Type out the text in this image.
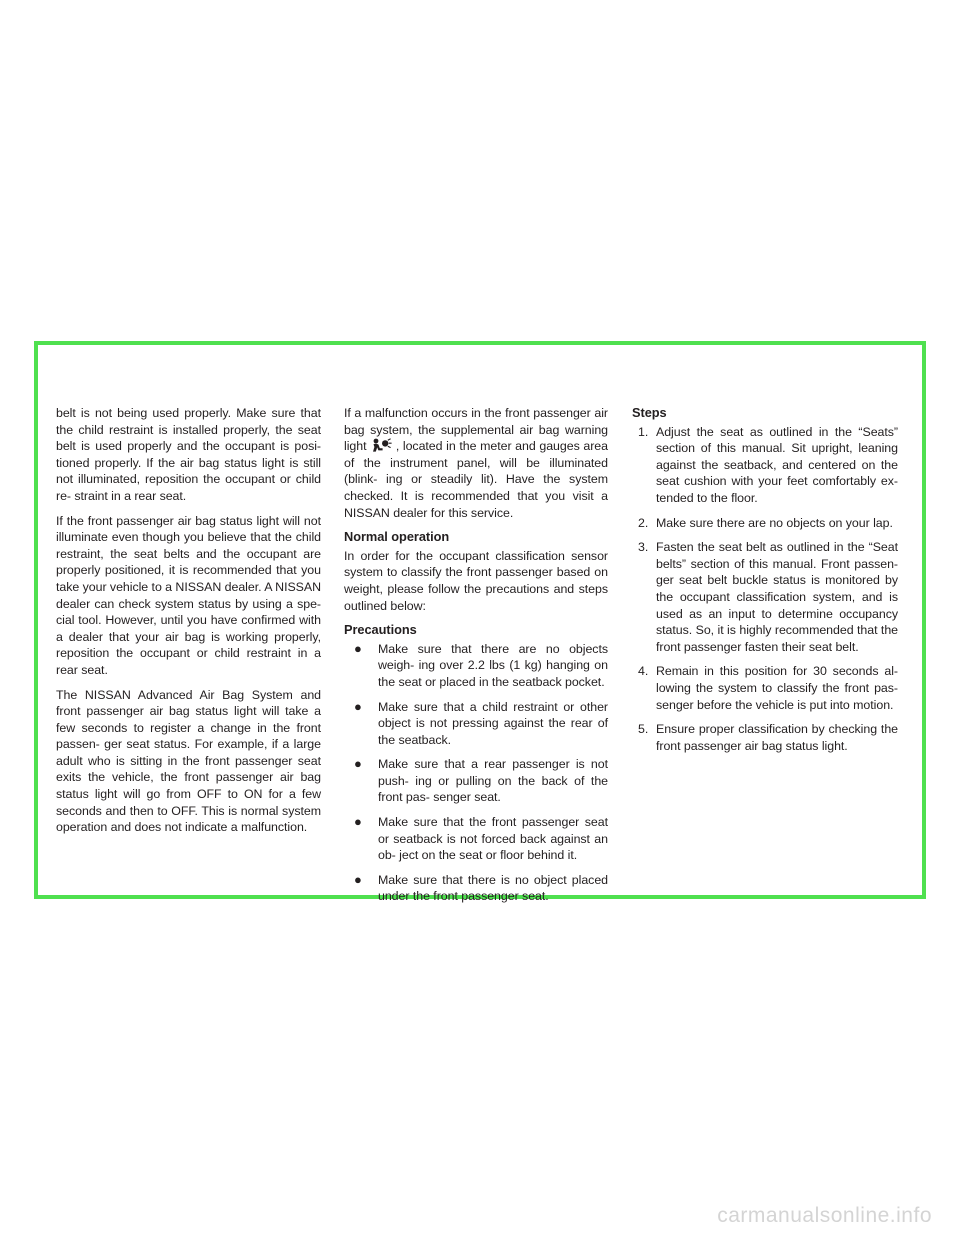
belt is not being used properly. Make sure that the child restraint is installed properly, the seat belt is used properly and the occupant is posi- tioned properly. If the air bag status light is still not illuminated, reposition the occupant or child re- straint in a rear seat.

If the front passenger air bag status light will not illuminate even though you believe that the child restraint, the seat belts and the occupant are properly positioned, it is recommended that you take your vehicle to a NISSAN dealer. A NISSAN dealer can check system status by using a spe- cial tool. However, until you have confirmed with a dealer that your air bag is working properly, reposition the occupant or child restraint in a rear seat.

The NISSAN Advanced Air Bag System and front passenger air bag status light will take a few seconds to register a change in the front passen- ger seat status. For example, if a large adult who is sitting in the front passenger seat exits the vehicle, the front passenger air bag status light will go from OFF to ON for a few seconds and then to OFF. This is normal system operation and does not indicate a malfunction.

If a malfunction occurs in the front passenger air bag system, the supplemental air bag warning light , located in the meter and gauges area of the instrument panel, will be illuminated (blink- ing or steadily lit). Have the system checked. It is recommended that you visit a NISSAN dealer for this service.

Normal operation

In order for the occupant classification sensor system to classify the front passenger based on weight, please follow the precautions and steps outlined below:

Precautions
● Make sure that there are no objects weigh- ing over 2.2 lbs (1 kg) hanging on the seat or placed in the seatback pocket.
● Make sure that a child restraint or other object is not pressing against the rear of the seatback.
● Make sure that a rear passenger is not push- ing or pulling on the back of the front pas- senger seat.
● Make sure that the front passenger seat or seatback is not forced back against an ob- ject on the seat or floor behind it.
● Make sure that there is no object placed under the front passenger seat.
Steps
1. Adjust the seat as outlined in the “Seats” section of this manual. Sit upright, leaning against the seatback, and centered on the seat cushion with your feet comfortably ex- tended to the floor.
2. Make sure there are no objects on your lap.
3. Fasten the seat belt as outlined in the “Seat belts” section of this manual. Front passen- ger seat belt buckle status is monitored by the occupant classification system, and is used as an input to determine occupancy status. So, it is highly recommended that the front passenger fasten their seat belt.
4. Remain in this position for 30 seconds al- lowing the system to classify the front pas- senger before the vehicle is put into motion.
5. Ensure proper classification by checking the front passenger air bag status light.
carmanualsonline.info
